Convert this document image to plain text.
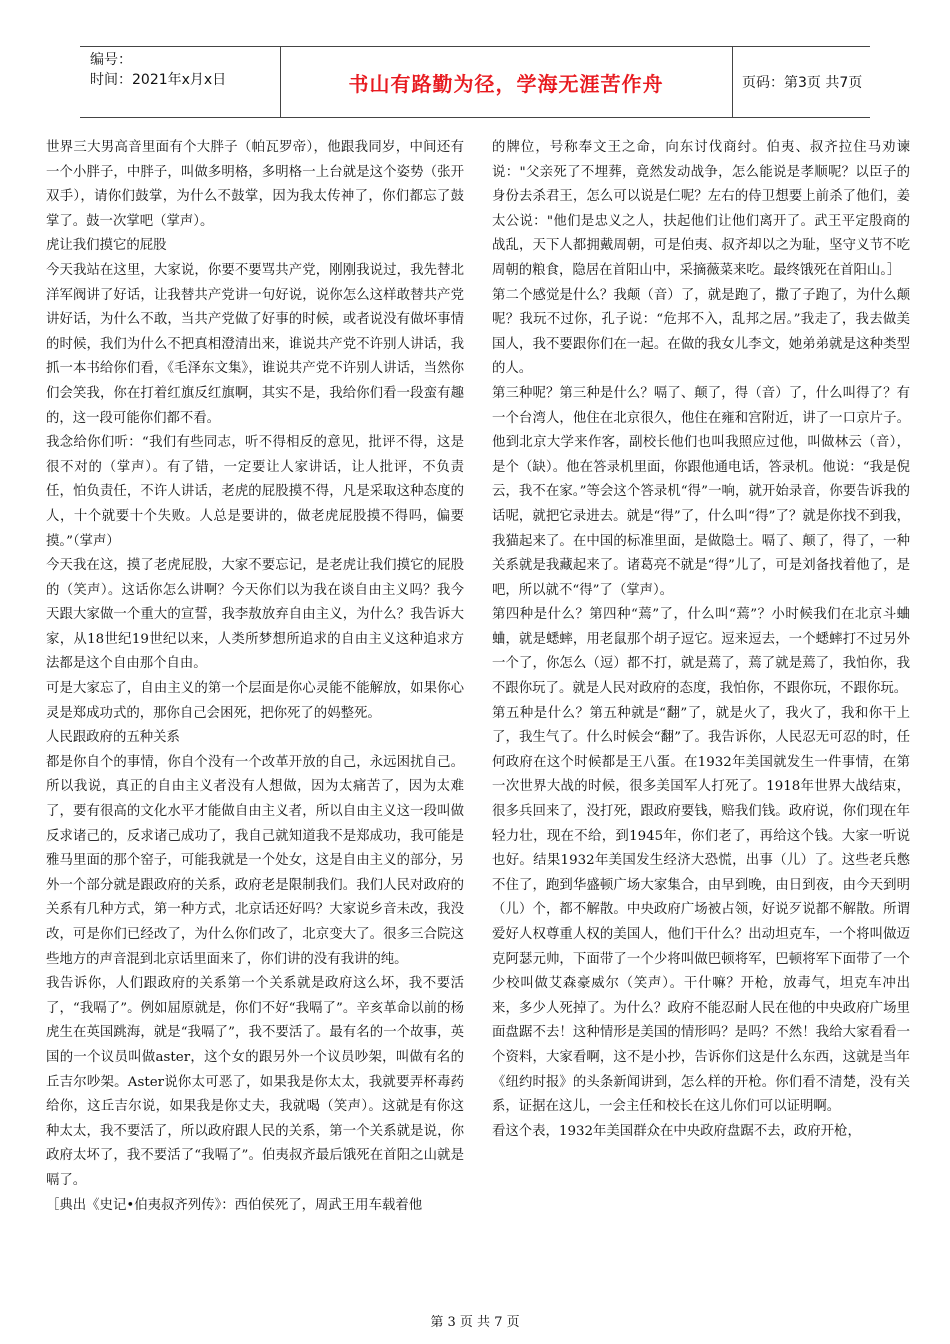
编号：
时间：2021年x月x日	书山有路勤为径，学海无涯苦作舟	页码：第3页 共7页

世界三大男高音里面有个大胖子（帕瓦罗帝），他跟我同岁，中间还有一个小胖子，中胖子，叫做多明格，多明格一上台就是这个姿势（张开双手），请你们鼓掌，为什么不鼓掌，因为我太传神了，你们都忘了鼓掌了。鼓一次掌吧（掌声）。

虎让我们摸它的屁股

今天我站在这里，大家说，你要不要骂共产党，刚刚我说过，我先替北洋军阀讲了好话，让我替共产党讲一句好说，说你怎么这样敢替共产党讲好话，为什么不敢，当共产党做了好事的时候，或者说没有做坏事情的时候，我们为什么不把真相澄清出来，谁说共产党不许别人讲话，我抓一本书给你们看，《毛泽东文集》，谁说共产党不许别人讲话，当然你们会笑我，你在打着红旗反红旗啊，其实不是，我给你们看一段蛮有趣的，这一段可能你们都不看。

我念给你们听：“我们有些同志，听不得相反的意见，批评不得，这是很不对的（掌声）。有了错，一定要让人家讲话，让人批评，不负责任，怕负责任，不许人讲话，老虎的屁股摸不得，凡是采取这种态度的人，十个就要十个失败。人总是要讲的，做老虎屁股摸不得吗，偏要摸。”（掌声）

今天我在这，摸了老虎屁股，大家不要忘记，是老虎让我们摸它的屁股的（笑声）。这话你怎么讲啊？今天你们以为我在谈自由主义吗？我今天跟大家做一个重大的宣誓，我李敖放弃自由主义，为什么？我告诉大家，从18世纪19世纪以来，人类所梦想所追求的自由主义这种追求方法都是这个自由那个自由。

可是大家忘了，自由主义的第一个层面是你心灵能不能解放，如果你心灵是郑成功式的，那你自己会困死，把你死了的妈整死。

人民跟政府的五种关系

都是你自个的事情，你自个没有一个改革开放的自己，永远困扰自己。所以我说，真正的自由主义者没有人想做，因为太痛苦了，因为太难了，要有很高的文化水平才能做自由主义者，所以自由主义这一段叫做反求诸己的，反求诸己成功了，我自己就知道我不是郑成功，我可能是雅马里面的那个窑子，可能我就是一个处女，这是自由主义的部分，另外一个部分就是跟政府的关系，政府老是限制我们。我们人民对政府的关系有几种方式，第一种方式，北京话还好吗？大家说乡音未改，我没改，可是你们已经改了，为什么你们改了，北京变大了。很多三合院这些地方的声音混到北京话里面来了，你们讲的没有我讲的纯。

我告诉你，人们跟政府的关系第一个关系就是政府这么坏，我不要活了，“我嗝了”。例如屈原就是，你们不好“我嗝了”。辛亥革命以前的杨虎生在英国跳海，就是“我嗝了”，我不要活了。最有名的一个故事，英国的一个议员叫做aster，这个女的跟另外一个议员吵架，叫做有名的丘吉尔吵架。Aster说你太可恶了，如果我是你太太，我就要弄杯毒药给你，这丘吉尔说，如果我是你丈夫，我就喝（笑声）。这就是有你这种太太，我不要活了，所以政府跟人民的关系，第一个关系就是说，你政府太坏了，我不要活了“我嗝了”。伯夷叔齐最后饿死在首阳之山就是嗝了。

［典出《史记•伯夷叔齐列传》：西伯侯死了，周武王用车载着他

的牌位，号称奉文王之命，向东讨伐商纣。伯夷、叔齐拉住马劝谏说："父亲死了不埋葬，竟然发动战争，怎么能说是孝顺呢？以臣子的身份去杀君王，怎么可以说是仁呢？左右的侍卫想要上前杀了他们，姜太公说："他们是忠义之人，扶起他们让他们离开了。武王平定殷商的战乱，天下人都拥戴周朝，可是伯夷、叔齐却以之为耻，坚守义节不吃周朝的粮食，隐居在首阳山中，采摘薇菜来吃。最终饿死在首阳山。］

第二个感觉是什么？我颠（音）了，就是跑了，撒了子跑了，为什么颠呢？我玩不过你，孔子说：“危邦不入，乱邦之居。”我走了，我去做美国人，我不要跟你们在一起。在做的我女儿李文，她弟弟就是这种类型的人。

第三种呢？第三种是什么？嗝了、颠了，得（音）了，什么叫得了？有一个台湾人，他住在北京很久，他住在雍和宫附近，讲了一口京片子。他到北京大学来作客，副校长他们也叫我照应过他，叫做林云（音），是个（缺）。他在答录机里面，你跟他通电话，答录机。他说：“我是倪云，我不在家。”等会这个答录机“得”一响，就开始录音，你要告诉我的话呢，就把它录进去。就是“得”了，什么叫“得”了？就是你找不到我，我猫起来了。在中国的标准里面，是做隐士。嗝了、颠了，得了，一种关系就是我藏起来了。诸葛亮不就是“得”儿了，可是刘备找着他了，是吧，所以就不“得”了（掌声）。

第四种是什么？第四种“蔫”了，什么叫“蔫”？小时候我们在北京斗蛐蛐，就是蟋蟀，用老鼠那个胡子逗它。逗来逗去，一个蟋蟀打不过另外一个了，你怎么（逗）都不打，就是蔫了，蔫了就是蔫了，我怕你，我不跟你玩了。就是人民对政府的态度，我怕你，不跟你玩，不跟你玩。

第五种是什么？第五种就是“翻”了，就是火了，我火了，我和你干上了，我生气了。什么时候会“翻”了。我告诉你，人民忍无可忍的时，任何政府在这个时候都是王八蛋。在1932年美国就发生一件事情，在第一次世界大战的时候，很多美国军人打死了。1918年世界大战结束，很多兵回来了，没打死，跟政府要钱，赔我们钱。政府说，你们现在年轻力壮，现在不给，到1945年，你们老了，再给这个钱。大家一听说也好。结果1932年美国发生经济大恐慌，出事（儿）了。这些老兵憋不住了，跑到华盛顿广场大家集合，由早到晚，由日到夜，由今天到明（儿）个，都不解散。中央政府广场被占领，好说歹说都不解散。所谓爱好人权尊重人权的美国人，他们干什么？出动坦克车，一个将叫做迈克阿瑟元帅，下面带了一个少将叫做巴顿将军，巴顿将军下面带了一个少校叫做艾森豪威尔（笑声）。干什嘛？开枪，放毒气，坦克车冲出来，多少人死掉了。为什么？政府不能忍耐人民在他的中央政府广场里面盘踞不去！这种情形是美国的情形吗？是吗？不然！我给大家看看一个资料，大家看啊，这不是小抄，告诉你们这是什么东西，这就是当年《纽约时报》的头条新闻讲到，怎么样的开枪。你们看不清楚，没有关系，证据在这儿，一会主任和校长在这儿你们可以证明啊。

看这个表，1932年美国群众在中央政府盘踞不去，政府开枪，

第 3 页 共 7 页
